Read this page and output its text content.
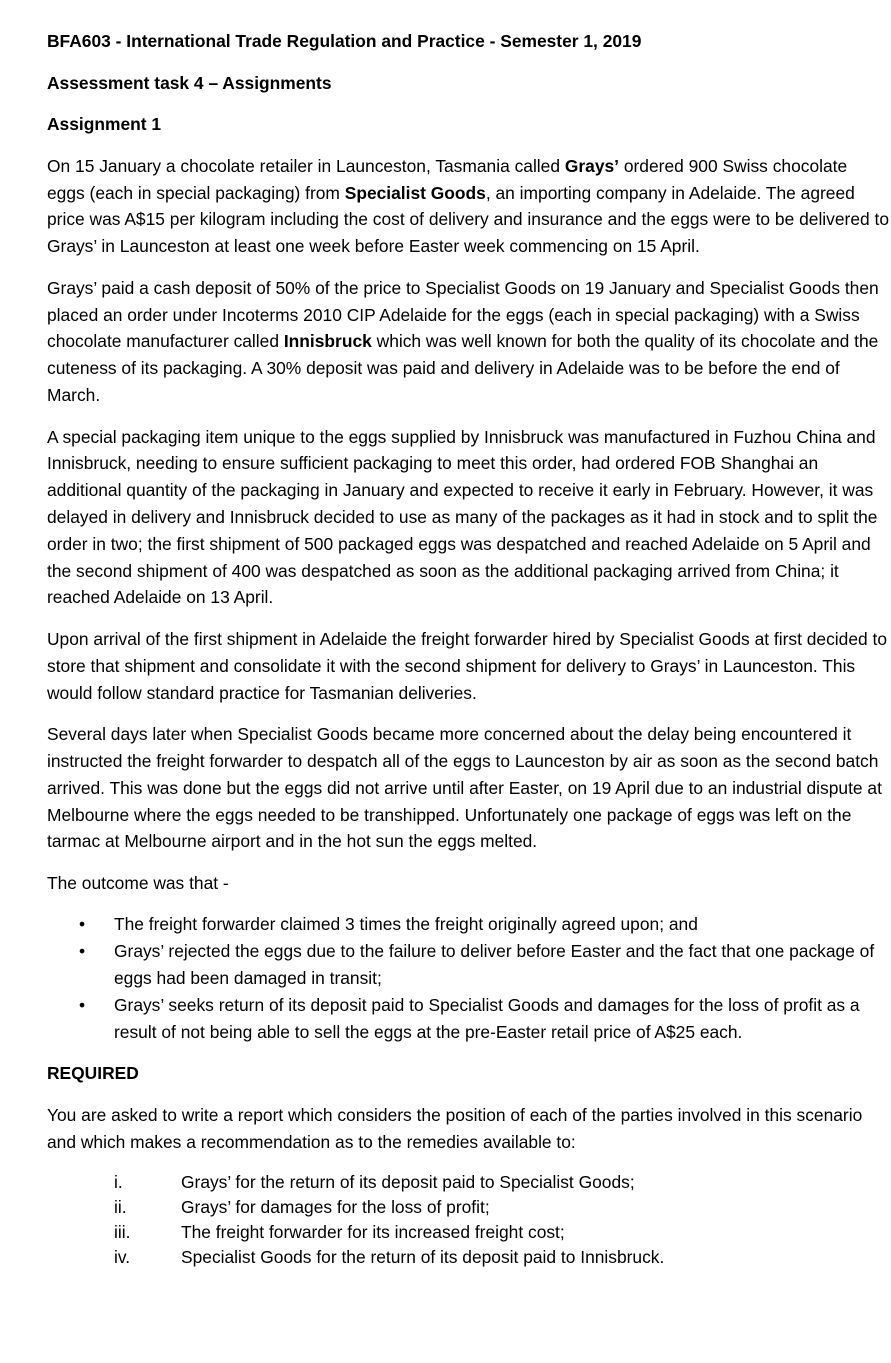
BFA603 - International Trade Regulation and Practice - Semester 1, 2019

Assessment task 4 – Assignments

Assignment 1

On 15 January a chocolate retailer in Launceston, Tasmania called Grays’ ordered 900 Swiss chocolate eggs (each in special packaging) from Specialist Goods, an importing company in Adelaide. The agreed price was A$15 per kilogram including the cost of delivery and insurance and the eggs were to be delivered to Grays’ in Launceston at least one week before Easter week commencing on 15 April.

Grays’ paid a cash deposit of 50% of the price to Specialist Goods on 19 January and Specialist Goods then placed an order under Incoterms 2010 CIP Adelaide for the eggs (each in special packaging) with a Swiss chocolate manufacturer called Innisbruck which was well known for both the quality of its chocolate and the cuteness of its packaging. A 30% deposit was paid and delivery in Adelaide was to be before the end of March.

A special packaging item unique to the eggs supplied by Innisbruck was manufactured in Fuzhou China and Innisbruck, needing to ensure sufficient packaging to meet this order, had ordered FOB Shanghai an additional quantity of the packaging in January and expected to receive it early in February. However, it was delayed in delivery and Innisbruck decided to use as many of the packages as it had in stock and to split the order in two; the first shipment of 500 packaged eggs was despatched and reached Adelaide on 5 April and the second shipment of 400 was despatched as soon as the additional packaging arrived from China; it reached Adelaide on 13 April.

Upon arrival of the first shipment in Adelaide the freight forwarder hired by Specialist Goods at first decided to store that shipment and consolidate it with the second shipment for delivery to Grays’ in Launceston. This would follow standard practice for Tasmanian deliveries.

Several days later when Specialist Goods became more concerned about the delay being encountered it instructed the freight forwarder to despatch all of the eggs to Launceston by air as soon as the second batch arrived. This was done but the eggs did not arrive until after Easter, on 19 April due to an industrial dispute at Melbourne where the eggs needed to be transhipped. Unfortunately one package of eggs was left on the tarmac at Melbourne airport and in the hot sun the eggs melted.

The outcome was that -

• The freight forwarder claimed 3 times the freight originally agreed upon; and
• Grays’ rejected the eggs due to the failure to deliver before Easter and the fact that one package of eggs had been damaged in transit;
• Grays’ seeks return of its deposit paid to Specialist Goods and damages for the loss of profit as a result of not being able to sell the eggs at the pre-Easter retail price of A$25 each.

REQUIRED

You are asked to write a report which considers the position of each of the parties involved in this scenario and which makes a recommendation as to the remedies available to:

i.	Grays’ for the return of its deposit paid to Specialist Goods;
ii.	Grays’ for damages for the loss of profit;
iii.	The freight forwarder for its increased freight cost;
iv.	Specialist Goods for the return of its deposit paid to Innisbruck.
